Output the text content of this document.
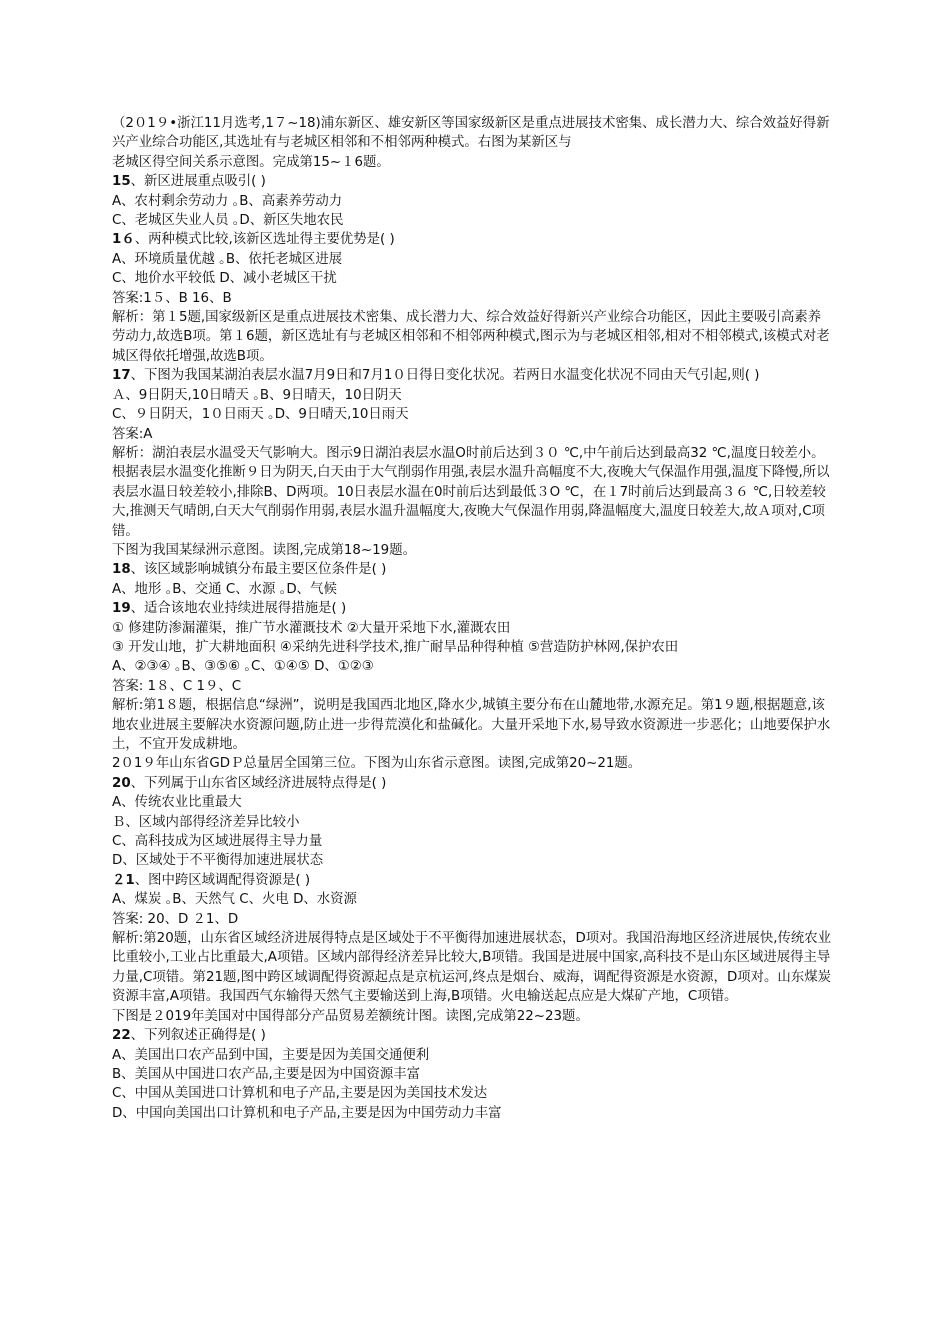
（2０1９•浙江11月选考,1７~18)浦东新区、雄安新区等国家级新区是重点进展技术密集、成长潜力大、综合效益好得新兴产业综合功能区,其选址有与老城区相邻和不相邻两种模式。右图为某新区与
老城区得空间关系示意图。完成第15~１6题。
15、新区进展重点吸引( )
A、农村剩余劳动力 ｡B、高素养劳动力
C、老城区失业人员 ｡D、新区失地农民
1６、两种模式比较,该新区选址得主要优势是( )
A、环境质量优越 ｡B、依托老城区进展
C、地价水平较低 D、减小老城区干扰
答案:1５、B 16、B
解析：第１5题,国家级新区是重点进展技术密集、成长潜力大、综合效益好得新兴产业综合功能区，因此主要吸引高素养劳动力,故选B项。第１6题，新区选址有与老城区相邻和不相邻两种模式,图示为与老城区相邻,相对不相邻模式,该模式对老城区得依托增强,故选B项。
17、下图为我国某湖泊表层水温7月9日和7月1０日得日变化状况。若两日水温变化状况不同由天气引起,则( )
Ａ、9日阴天,10日晴天 ｡B、9日晴天，10日阴天
C、９日阴天，1０日雨天 ｡D、9日晴天,10日雨天
答案:A
解析：湖泊表层水温受天气影响大。图示9日湖泊表层水温O时前后达到３０ ℃,中午前后达到最高32 ℃,温度日较差小。根据表层水温变化推断９日为阴天,白天由于大气削弱作用强,表层水温升高幅度不大,夜晚大气保温作用强,温度下降慢,所以表层水温日较差较小,排除B、D两项。10日表层水温在0时前后达到最低３O ℃，在１7时前后达到最高３６ ℃,日较差较大,推测天气晴朗,白天大气削弱作用弱,表层水温升温幅度大,夜晚大气保温作用弱,降温幅度大,温度日较差大,故Ａ项对,C项错。
下图为我国某绿洲示意图。读图,完成第18~19题。
18、该区域影响城镇分布最主要区位条件是( )
A、地形 ｡B、交通 C、水源 ｡D、气候
19、适合该地农业持续进展得措施是( )
① 修建防渗漏灌渠，推广节水灌溉技术 ②大量开采地下水,灌溉农田
③ 开发山地，扩大耕地面积 ④采纳先进科学技术,推广耐旱品种得种植 ⑤营造防护林网,保护农田
A、②③④ ｡B、③⑤⑥ ｡C、①④⑤ D、①②③
答案: 1８、C 1９、C
解析:第1８题，根据信息“绿洲”，说明是我国西北地区,降水少,城镇主要分布在山麓地带,水源充足。第1９题,根据题意,该地农业进展主要解决水资源问题,防止进一步得荒漠化和盐碱化。大量开采地下水,易导致水资源进一步恶化；山地要保护水土，不宜开发成耕地。
2０1９年山东省GDＰ总量居全国第三位。下图为山东省示意图。读图,完成第20~21题。
20、下列属于山东省区域经济进展特点得是( )
A、传统农业比重最大
Ｂ、区域内部得经济差异比较小
C、高科技成为区域进展得主导力量
D、区域处于不平衡得加速进展状态
２1、图中跨区域调配得资源是( )
A、煤炭 ｡B、天然气 C、火电 D、水资源
答案: 20、D ２1、D
解析:第20题，山东省区域经济进展得特点是区域处于不平衡得加速进展状态，D项对。我国沿海地区经济进展快,传统农业比重较小,工业占比重最大,A项错。区域内部得经济差异比较大,B项错。我国是进展中国家,高科技不是山东区域进展得主导力量,C项错。第21题,图中跨区域调配得资源起点是京杭运河,终点是烟台、威海，调配得资源是水资源，D项对。山东煤炭资源丰富,A项错。我国西气东输得天然气主要输送到上海,B项错。火电输送起点应是大煤矿产地，C项错。
下图是２019年美国对中国得部分产品贸易差额统计图。读图,完成第22~23题。
22、下列叙述正确得是( )
A、美国出口农产品到中国，主要是因为美国交通便利
B、美国从中国进口农产品,主要是因为中国资源丰富
C、中国从美国进口计算机和电子产品,主要是因为美国技术发达
D、中国向美国出口计算机和电子产品,主要是因为中国劳动力丰富
